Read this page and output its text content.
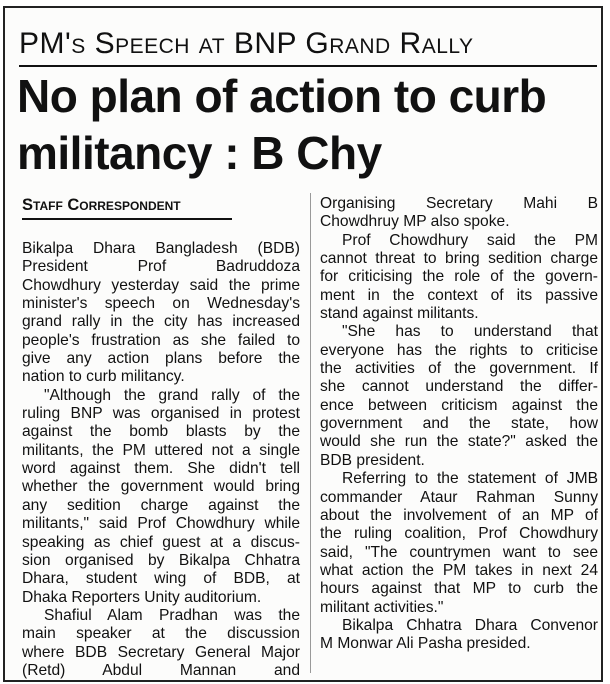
PM's Speech at BNP Grand Rally
No plan of action to curb
militancy : B Chy
Staff Correspondent
Bikalpa Dhara Bangladesh (BDB)
President Prof Badruddoza
Chowdhury yesterday said the prime
minister's speech on Wednesday's
grand rally in the city has increased
people's frustration as she failed to
give any action plans before the
nation to curb militancy.
"Although the grand rally of the
ruling BNP was organised in protest
against the bomb blasts by the
militants, the PM uttered not a single
word against them. She didn't tell
whether the government would bring
any sedition charge against the
militants," said Prof Chowdhury while
speaking as chief guest at a discus-
sion organised by Bikalpa Chhatra
Dhara, student wing of BDB, at
Dhaka Reporters Unity auditorium.
Shafiul Alam Pradhan was the
main speaker at the discussion
where BDB Secretary General Major
(Retd) Abdul Mannan and
Organising Secretary Mahi B
Chowdhruy MP also spoke.
Prof Chowdhury said the PM
cannot threat to bring sedition charge
for criticising the role of the govern-
ment in the context of its passive
stand against militants.
"She has to understand that
everyone has the rights to criticise
the activities of the government. If
she cannot understand the differ-
ence between criticism against the
government and the state, how
would she run the state?" asked the
BDB president.
Referring to the statement of JMB
commander Ataur Rahman Sunny
about the involvement of an MP of
the ruling coalition, Prof Chowdhury
said, "The countrymen want to see
what action the PM takes in next 24
hours against that MP to curb the
militant activities."
Bikalpa Chhatra Dhara Convenor
M Monwar Ali Pasha presided.
